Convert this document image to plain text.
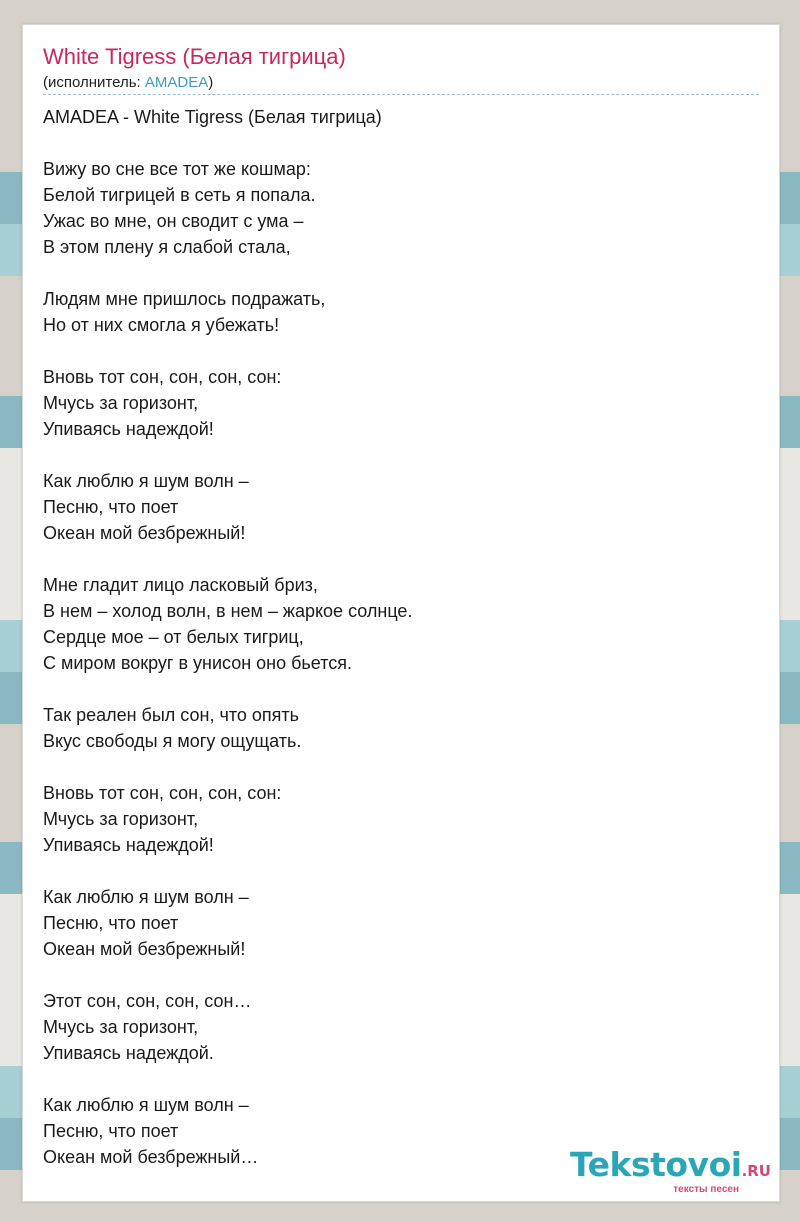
White Tigress (Белая тигрица)
(исполнитель: AMADEA)
AMADEA - White Tigress (Белая тигрица)
Вижу во сне все тот же кошмар:
Белой тигрицей в сеть я попала.
Ужас во мне, он сводит с ума –
В этом плену я слабой стала,
Людям мне пришлось подражать,
Но от них смогла я убежать!
Вновь тот сон, сон, сон, сон:
Мчусь за горизонт,
Упиваясь надеждой!
Как люблю я шум волн –
Песню, что поет
Океан мой безбрежный!
Мне гладит лицо ласковый бриз,
В нем – холод волн, в нем – жаркое солнце.
Сердце мое – от белых тигриц,
С миром вокруг в унисон оно бьется.
Так реален был сон, что опять
Вкус свободы я могу ощущать.
Вновь тот сон, сон, сон, сон:
Мчусь за горизонт,
Упиваясь надеждой!
Как люблю я шум волн –
Песню, что поет
Океан мой безбрежный!
Этот сон, сон, сон, сон…
Мчусь за горизонт,
Упиваясь надеждой.
Как люблю я шум волн –
Песню, что поет
Океан мой безбрежный…	Tekstovoi.RU
тексты песен
